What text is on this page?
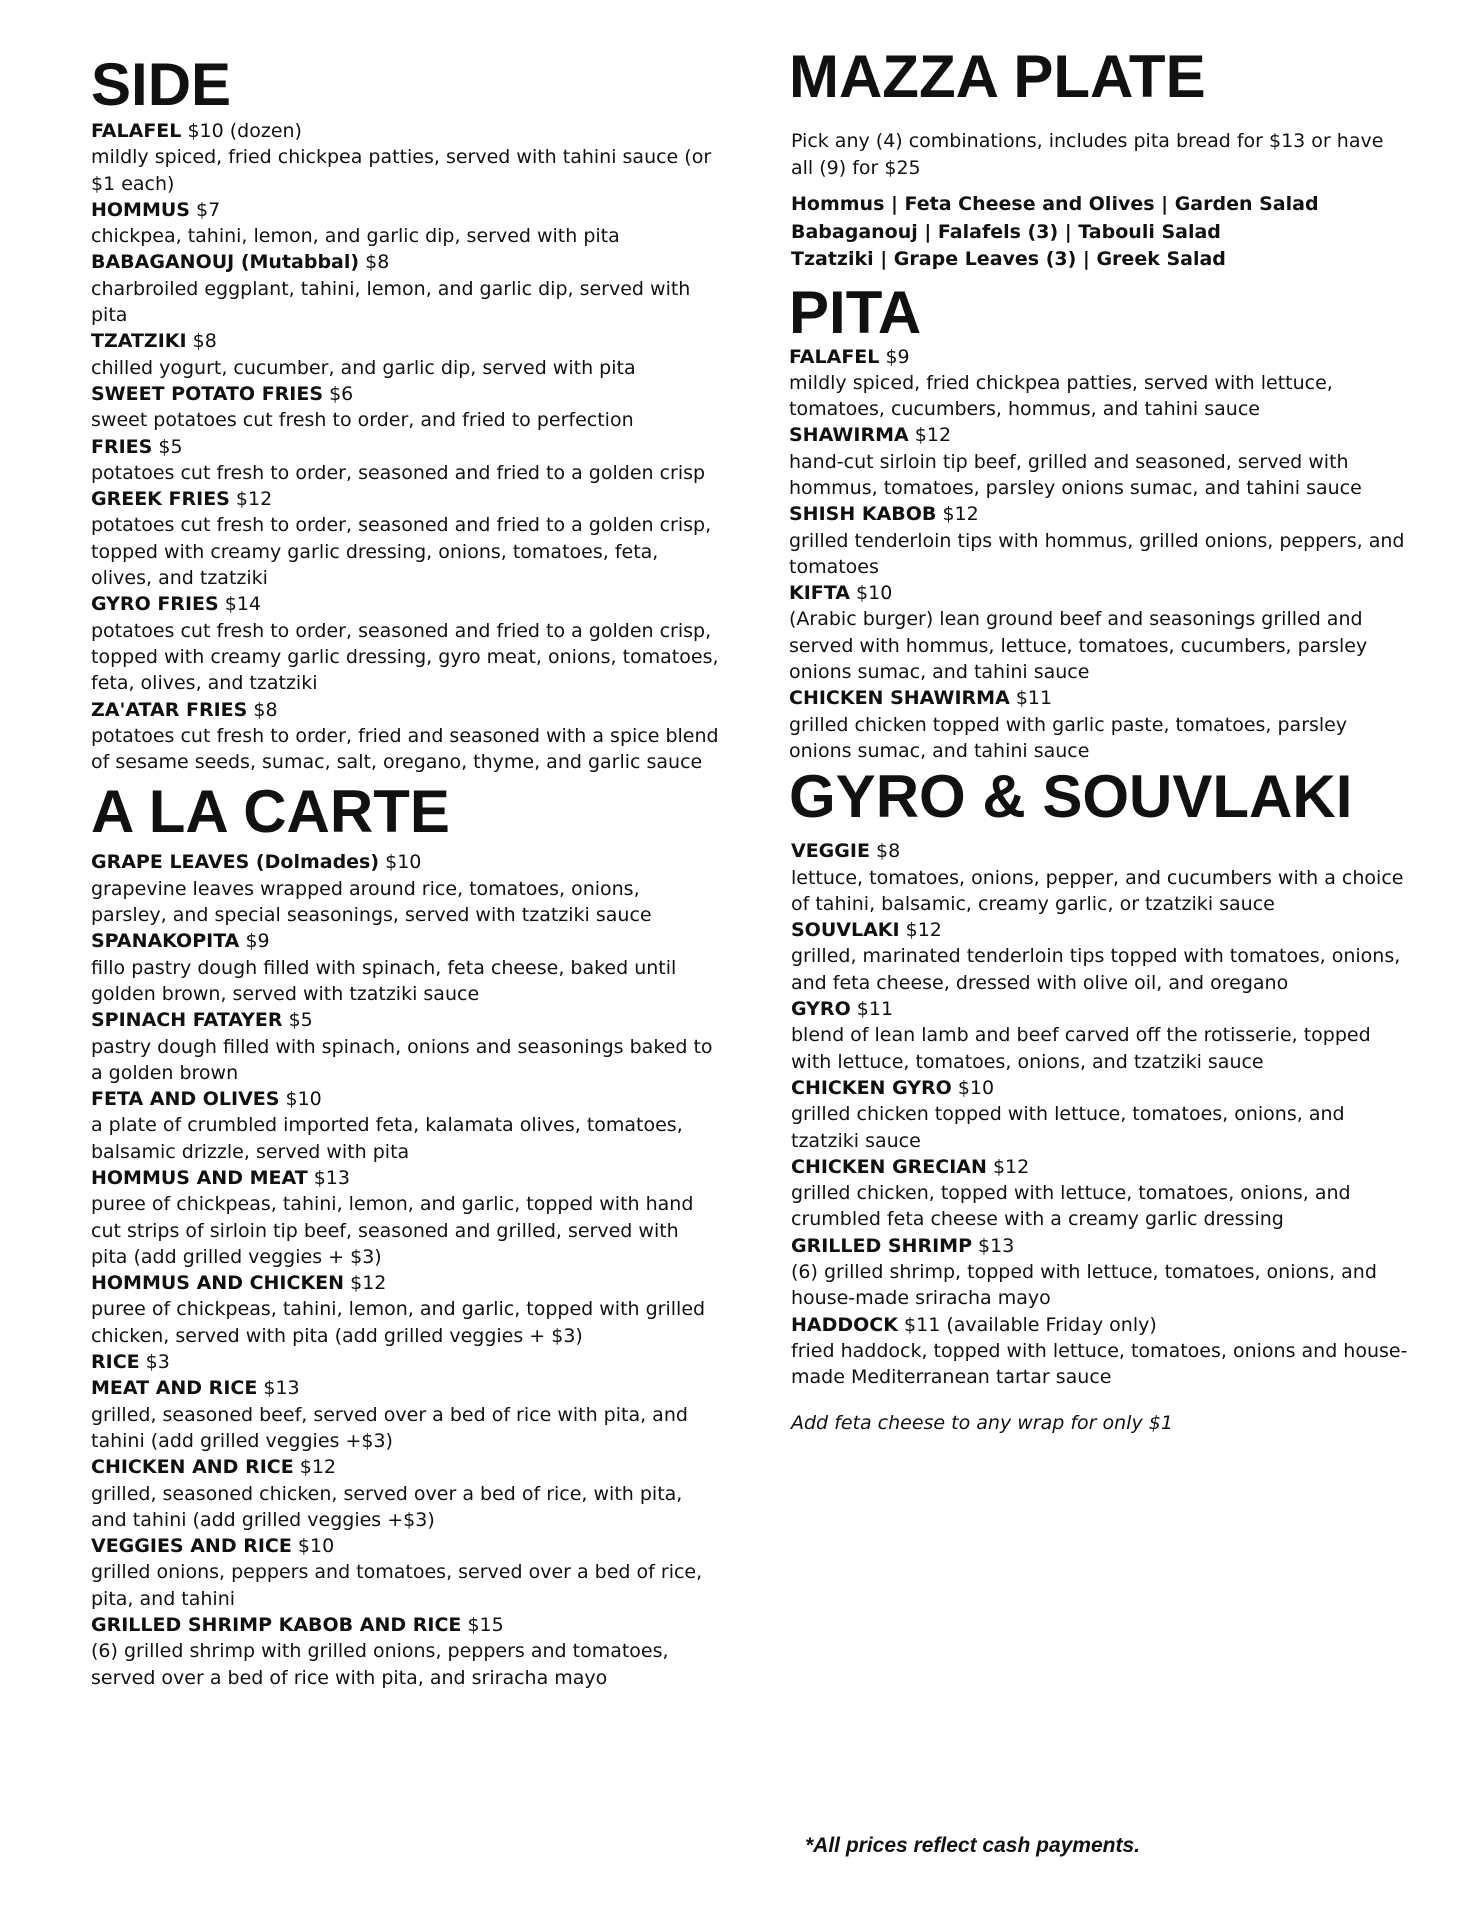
SIDE
FALAFEL $10 (dozen)
mildly spiced, fried chickpea patties, served with tahini sauce (or $1 each)
HOMMUS $7
chickpea, tahini, lemon, and garlic dip, served with pita
BABAGANOUJ (Mutabbal) $8
charbroiled eggplant, tahini, lemon, and garlic dip, served with pita
TZATZIKI $8
chilled yogurt, cucumber, and garlic dip, served with pita
SWEET POTATO FRIES $6
sweet potatoes cut fresh to order, and fried to perfection
FRIES $5
potatoes cut fresh to order, seasoned and fried to a golden crisp
GREEK FRIES $12
potatoes cut fresh to order, seasoned and fried to a golden crisp, topped with creamy garlic dressing, onions, tomatoes, feta, olives, and tzatziki
GYRO FRIES $14
potatoes cut fresh to order, seasoned and fried to a golden crisp, topped with creamy garlic dressing, gyro meat, onions, tomatoes, feta, olives, and tzatziki
ZA'ATAR FRIES $8
potatoes cut fresh to order, fried and seasoned with a spice blend of sesame seeds, sumac, salt, oregano, thyme, and garlic sauce
A LA CARTE
GRAPE LEAVES (Dolmades) $10
grapevine leaves wrapped around rice, tomatoes, onions, parsley, and special seasonings, served with tzatziki sauce
SPANAKOPITA $9
fillo pastry dough filled with spinach, feta cheese, baked until golden brown, served with tzatziki sauce
SPINACH FATAYER $5
pastry dough filled with spinach, onions and seasonings baked to a golden brown
FETA AND OLIVES $10
a plate of crumbled imported feta, kalamata olives, tomatoes, balsamic drizzle, served with pita
HOMMUS AND MEAT $13
puree of chickpeas, tahini, lemon, and garlic, topped with hand cut strips of sirloin tip beef, seasoned and grilled, served with pita (add grilled veggies + $3)
HOMMUS AND CHICKEN $12
puree of chickpeas, tahini, lemon, and garlic, topped with grilled chicken, served with pita (add grilled veggies + $3)
RICE $3
MEAT AND RICE $13
grilled, seasoned beef, served over a bed of rice with pita, and tahini (add grilled veggies +$3)
CHICKEN AND RICE $12
grilled, seasoned chicken, served over a bed of rice, with pita, and tahini (add grilled veggies +$3)
VEGGIES AND RICE $10
grilled onions, peppers and tomatoes, served over a bed of rice, pita, and tahini
GRILLED SHRIMP KABOB AND RICE $15
(6) grilled shrimp with grilled onions, peppers and tomatoes, served over a bed of rice with pita, and sriracha mayo
MAZZA PLATE
Pick any (4) combinations, includes pita bread for $13 or have all (9) for $25
Hommus | Feta Cheese and Olives | Garden Salad
Babaganouj | Falafels (3) | Tabouli Salad
Tzatziki | Grape Leaves (3) | Greek Salad
PITA
FALAFEL $9
mildly spiced, fried chickpea patties, served with lettuce, tomatoes, cucumbers, hommus, and tahini sauce
SHAWIRMA $12
hand-cut sirloin tip beef, grilled and seasoned, served with hommus, tomatoes, parsley onions sumac, and tahini sauce
SHISH KABOB $12
grilled tenderloin tips with hommus, grilled onions, peppers, and tomatoes
KIFTA $10
(Arabic burger) lean ground beef and seasonings grilled and served with hommus, lettuce, tomatoes, cucumbers, parsley onions sumac, and tahini sauce
CHICKEN SHAWIRMA $11
grilled chicken topped with garlic paste, tomatoes, parsley onions sumac, and tahini sauce
GYRO & SOUVLAKI
VEGGIE $8
lettuce, tomatoes, onions, pepper, and cucumbers with a choice of tahini, balsamic, creamy garlic, or tzatziki sauce
SOUVLAKI $12
grilled, marinated tenderloin tips topped with tomatoes, onions, and feta cheese, dressed with olive oil, and oregano
GYRO $11
blend of lean lamb and beef carved off the rotisserie, topped with lettuce, tomatoes, onions, and tzatziki sauce
CHICKEN GYRO $10
grilled chicken topped with lettuce, tomatoes, onions, and tzatziki sauce
CHICKEN GRECIAN $12
grilled chicken, topped with lettuce, tomatoes, onions, and crumbled feta cheese with a creamy garlic dressing
GRILLED SHRIMP $13
(6) grilled shrimp, topped with lettuce, tomatoes, onions, and house-made sriracha mayo
HADDOCK $11 (available Friday only)
fried haddock, topped with lettuce, tomatoes, onions and house-made Mediterranean tartar sauce
Add feta cheese to any wrap for only $1
*All prices reflect cash payments.
